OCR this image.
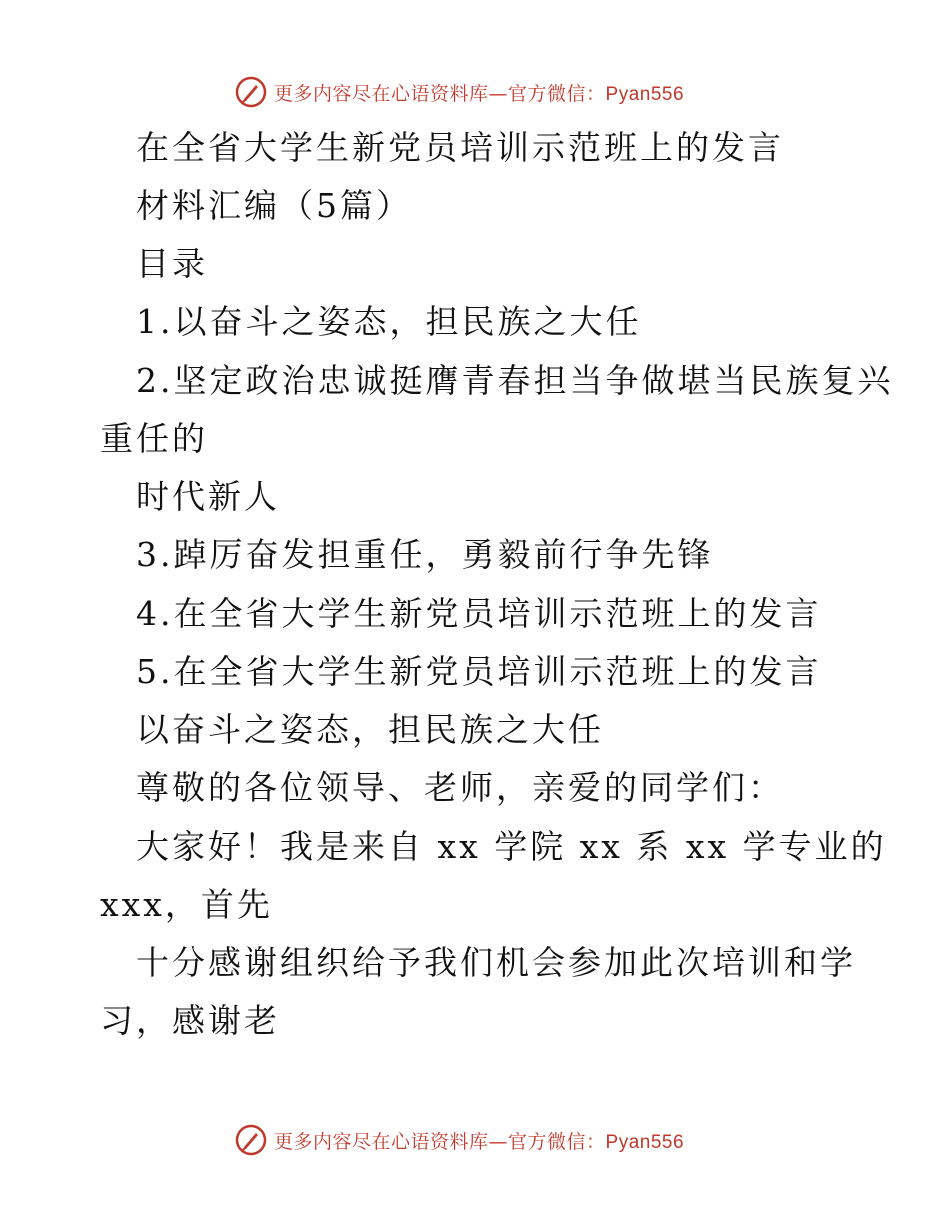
更多内容尽在心语资料库—官方微信：Pyan556
在全省大学生新党员培训示范班上的发言
材料汇编（5篇）
目录
1.以奋斗之姿态，担民族之大任
2.坚定政治忠诚挺膺青春担当争做堪当民族复兴
重任的
时代新人
3.踔厉奋发担重任，勇毅前行争先锋
4.在全省大学生新党员培训示范班上的发言
5.在全省大学生新党员培训示范班上的发言
以奋斗之姿态，担民族之大任
尊敬的各位领导、老师，亲爱的同学们：
大家好！我是来自 xx 学院 xx 系 xx 学专业的
xxx，首先
十分感谢组织给予我们机会参加此次培训和学
习，感谢老
更多内容尽在心语资料库—官方微信：Pyan556
